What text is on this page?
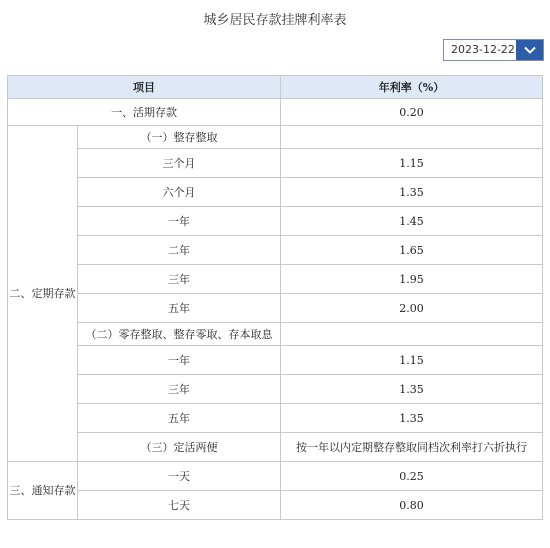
城乡居民存款挂牌利率表
2023-12-22
项目		年利率（%）
一、活期存款		0.20
二、定期存款	（一）整存整取	
	三个月	1.15
	六个月	1.35
	一年	1.45
	二年	1.65
	三年	1.95
	五年	2.00
	（二）零存整取、整存零取、存本取息	
	一年	1.15
	三年	1.35
	五年	1.35
	（三）定活两便	按一年以内定期整存整取同档次利率打六折执行
三、通知存款	一天	0.25
	七天	0.80
